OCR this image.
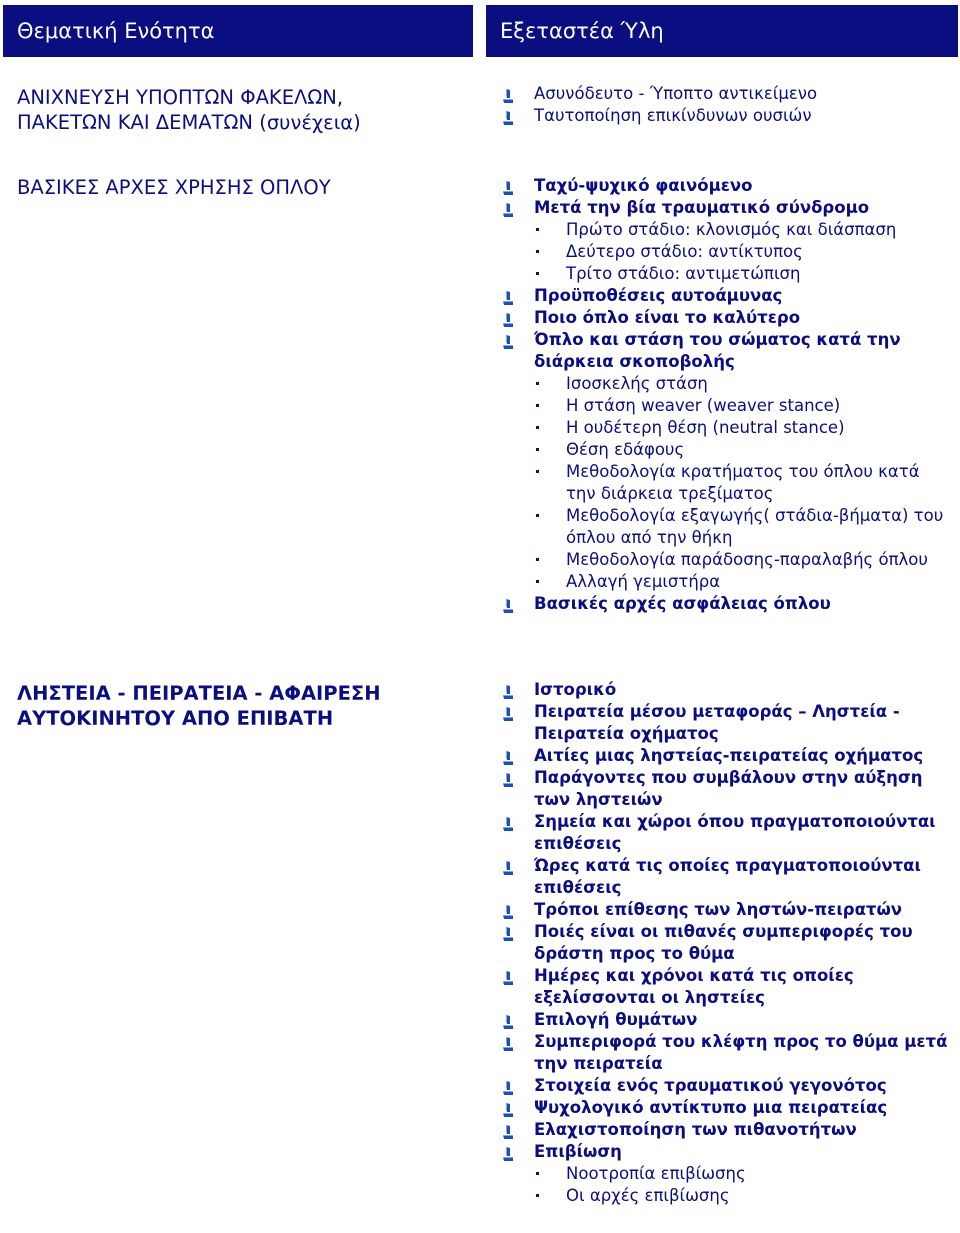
Θεματική Ενότητα	Εξεταστέα Ύλη
ΑΝΙΧΝΕΥΣΗ ΥΠΟΠΤΩΝ ΦΑΚΕΛΩΝ,
ΠΑΚΕΤΩΝ ΚΑΙ ΔΕΜΑΤΩΝ (συνέχεια)
Ασυνόδευτο - Ύποπτο αντικείμενο
Ταυτοποίηση επικίνδυνων ουσιών
ΒΑΣΙΚΕΣ ΑΡΧΕΣ ΧΡΗΣΗΣ ΟΠΛΟΥ	Ταχύ-ψυχικό φαινόμενο
Μετά την βία τραυματικό σύνδρομο
Πρώτο στάδιο: κλονισμός και διάσπαση
Δεύτερο στάδιο: αντίκτυπος
Τρίτο στάδιο: αντιμετώπιση
Προϋποθέσεις αυτοάμυνας
Ποιο όπλο είναι το καλύτερο
Όπλο και στάση του σώματος κατά την διάρκεια σκοποβολής
Ισοσκελής στάση
Η στάση weaver (weaver stance)
Η ουδέτερη θέση (neutral stance)
Θέση εδάφους
Μεθοδολογία κρατήματος του όπλου κατά την διάρκεια τρεξίματος
Μεθοδολογία εξαγωγής( στάδια-βήματα) του όπλου από την θήκη
Μεθοδολογία παράδοσης-παραλαβής όπλου
Αλλαγή γεμιστήρα
Βασικές αρχές ασφάλειας όπλου
ΛΗΣΤΕΙΑ - ΠΕΙΡΑΤΕΙΑ - ΑΦΑΙΡΕΣΗ
ΑΥΤΟΚΙΝΗΤΟΥ ΑΠΟ ΕΠΙΒΑΤΗ
Ιστορικό
Πειρατεία μέσου μεταφοράς – Ληστεία - Πειρατεία οχήματος
Αιτίες μιας ληστείας-πειρατείας οχήματος
Παράγοντες που συμβάλουν στην αύξηση των ληστειών
Σημεία και χώροι όπου πραγματοποιούνται επιθέσεις
Ώρες κατά τις οποίες πραγματοποιούνται επιθέσεις
Τρόποι επίθεσης των ληστών-πειρατών
Ποιές είναι οι πιθανές συμπεριφορές του δράστη προς το θύμα
Ημέρες και χρόνοι κατά τις οποίες εξελίσσονται οι ληστείες
Επιλογή θυμάτων
Συμπεριφορά του κλέφτη προς το θύμα μετά την πειρατεία
Στοιχεία ενός τραυματικού γεγονότος
Ψυχολογικό αντίκτυπο μια πειρατείας
Ελαχιστοποίηση των πιθανοτήτων
Επιβίωση
Νοοτροπία επιβίωσης
Οι αρχές επιβίωσης
